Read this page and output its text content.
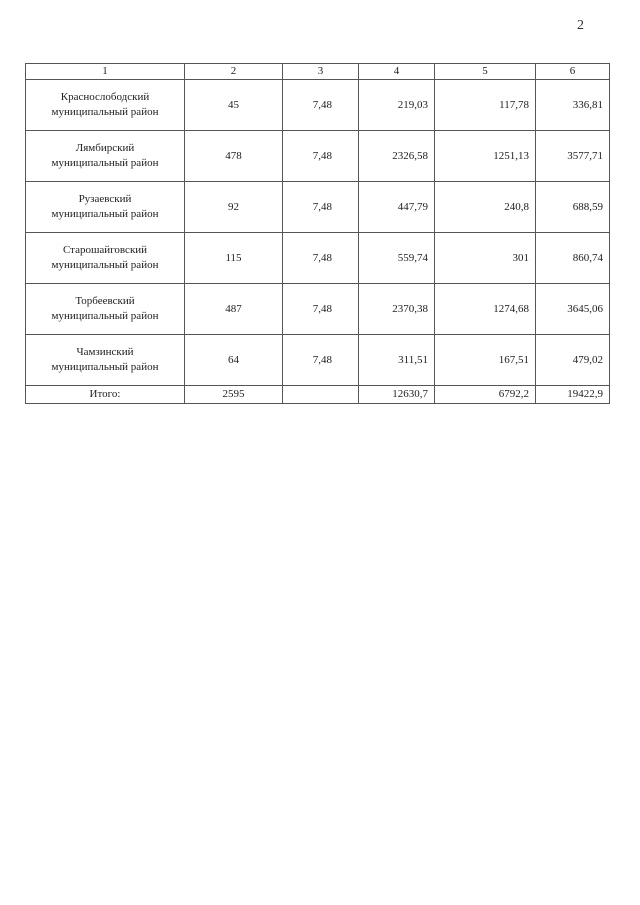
2
1	2	3	4	5	6

Краснослободский
муниципальный район	45	7,48	219,03	117,78	336,81

Лямбирский
муниципальный район	478	7,48	2326,58	1251,13	3577,71

Рузаевский
муниципальный район	92	7,48	447,79	240,8	688,59

Старошайговский
муниципальный район	115	7,48	559,74	301	860,74

Торбеевский
муниципальный район	487	7,48	2370,38	1274,68	3645,06

Чамзинский
муниципальный район	64	7,48	311,51	167,51	479,02
Итого:	2595		12630,7	6792,2	19422,9
